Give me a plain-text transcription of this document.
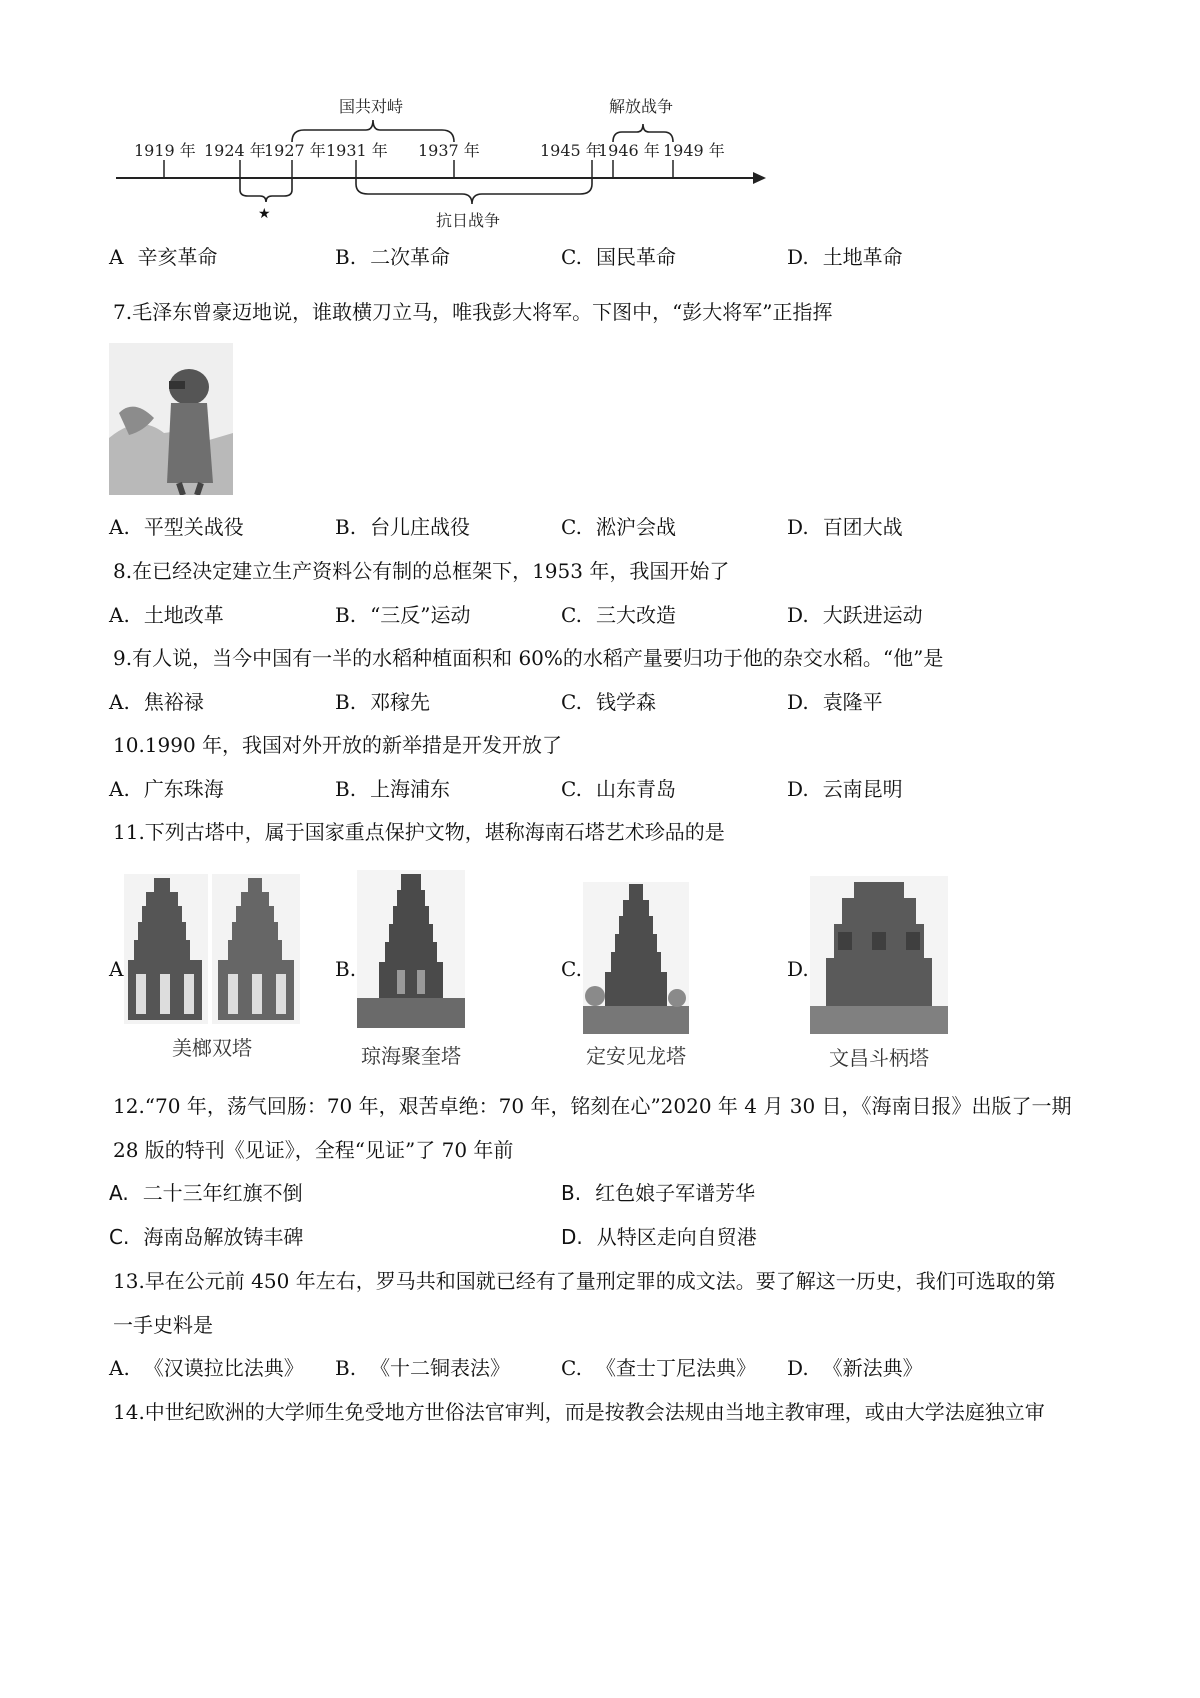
1919 年 1924 年
1927 年 1931 年 1937 年	1945 年
1946 年 1949 年
国共对峙	解放战争
★	抗日战争
A 辛亥革命	B. 二次革命	C. 国民革命	D. 土地革命
7.毛泽东曾豪迈地说，谁敢横刀立马，唯我彭大将军。下图中，“彭大将军”正指挥
A. 平型关战役	B. 台儿庄战役	C. 淞沪会战	D. 百团大战
8.在已经决定建立生产资料公有制的总框架下，1953 年，我国开始了
A. 土地改革	B. “三反”运动	C. 三大改造	D. 大跃进运动
9.有人说，当今中国有一半的水稻种植面积和 60%的水稻产量要归功于他的杂交水稻。“他”是
A. 焦裕禄	B. 邓稼先	C. 钱学森	D. 袁隆平
10.1990 年，我国对外开放的新举措是开发开放了
A. 广东珠海	B. 上海浦东	C. 山东青岛	D. 云南昆明
11.下列古塔中，属于国家重点保护文物，堪称海南石塔艺术珍品的是
A
美榔双塔
B.
琼海聚奎塔
C.
定安见龙塔
D.
文昌斗柄塔
12.“70 年，荡气回肠：70 年，艰苦卓绝：70 年，铭刻在心”2020 年 4 月 30 日，《海南日报》出版了一期
28 版的特刊《见证》，全程“见证”了 70 年前
A. 二十三年红旗不倒	B. 红色娘子军谱芳华
C. 海南岛解放铸丰碑	D. 从特区走向自贸港
13.早在公元前 450 年左右，罗马共和国就已经有了量刑定罪的成文法。要了解这一历史，我们可选取的第
一手史料是
A. 《汉谟拉比法典》 B. 《十二铜表法》	C. 《查士丁尼法典》 D. 《新法典》
14.中世纪欧洲的大学师生免受地方世俗法官审判，而是按教会法规由当地主教审理，或由大学法庭独立审
